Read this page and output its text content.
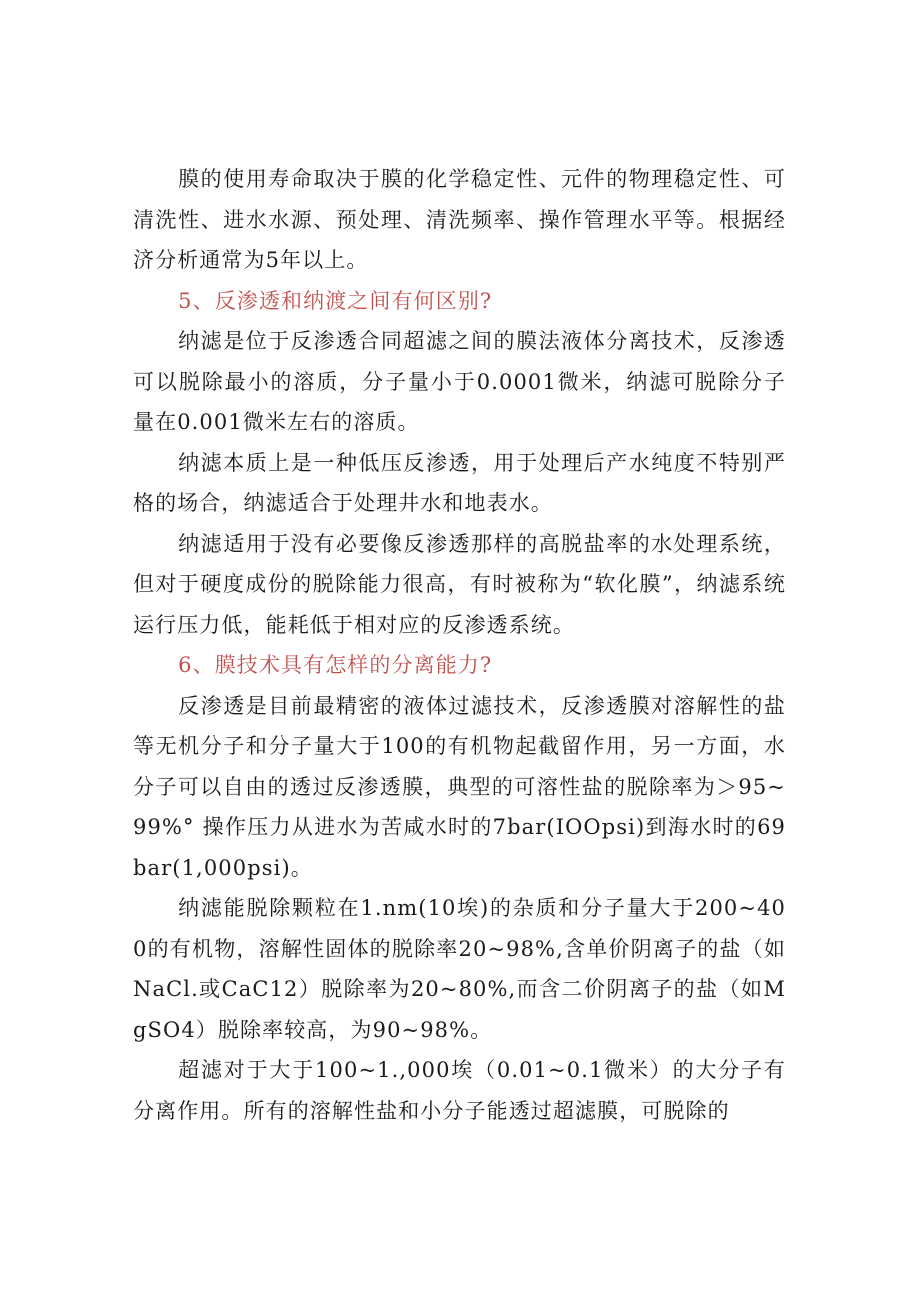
膜的使用寿命取决于膜的化学稳定性、元件的物理稳定性、可清洗性、进水水源、预处理、清洗频率、操作管理水平等。根据经济分析通常为5年以上。

5、反渗透和纳渡之间有何区别?

纳滤是位于反渗透合同超滤之间的膜法液体分离技术，反渗透可以脱除最小的溶质，分子量小于0.0001微米，纳滤可脱除分子量在0.001微米左右的溶质。

纳滤本质上是一种低压反渗透，用于处理后产水纯度不特别严格的场合，纳滤适合于处理井水和地表水。

纳滤适用于没有必要像反渗透那样的高脱盐率的水处理系统，但对于硬度成份的脱除能力很高，有时被称为“软化膜”，纳滤系统运行压力低，能耗低于相对应的反渗透系统。

6、膜技术具有怎样的分离能力?

反渗透是目前最精密的液体过滤技术，反渗透膜对溶解性的盐等无机分子和分子量大于100的有机物起截留作用，另一方面，水分子可以自由的透过反渗透膜，典型的可溶性盐的脱除率为＞95~99%° 操作压力从进水为苦咸水时的7bar(IOOpsi)到海水时的69bar(1,000psi)。

纳滤能脱除颗粒在1.nm(10埃)的杂质和分子量大于200~400的有机物，溶解性固体的脱除率20~98%,含单价阴离子的盐（如NaCl.或CaC12）脱除率为20~80%,而含二价阴离子的盐（如MgSO4）脱除率较高，为90~98%。

超滤对于大于100~1.,000埃（0.01~0.1微米）的大分子有分离作用。所有的溶解性盐和小分子能透过超滤膜，可脱除的
